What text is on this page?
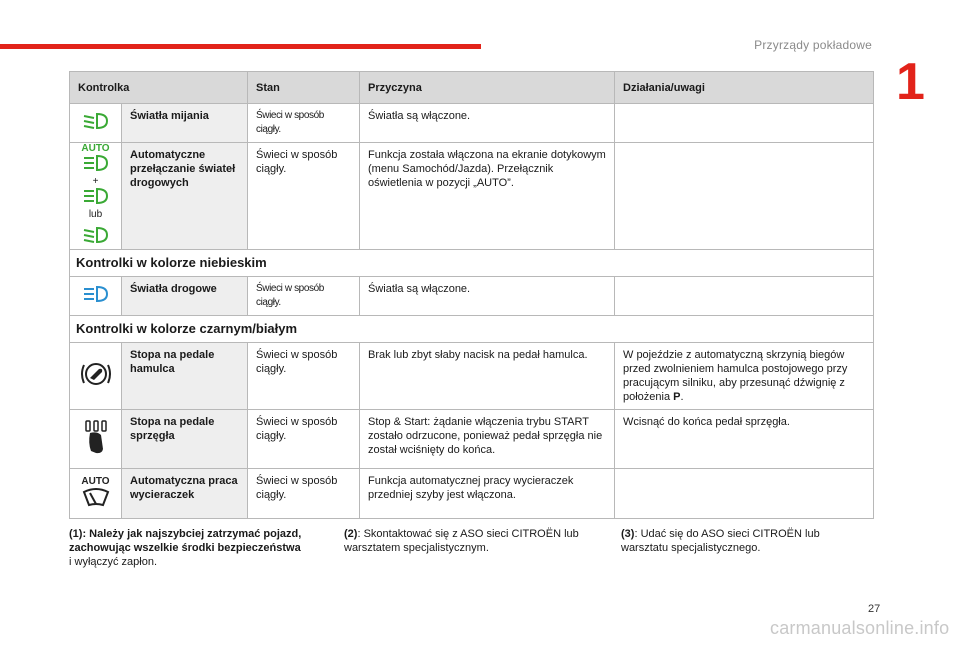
Przyrządy pokładowe
1
Kontrolka		Stan	Przyczyna	Działania/uwagi

	Światła mijania	Świeci w sposób ciągły.	Światła są włączone.	

AUTO
+
lub	Automatyczne przełączanie świateł drogowych	Świeci w sposób ciągły.	Funkcja została włączona na ekranie dotykowym (menu Samochód/Jazda). Przełącznik oświetlenia w pozycji „AUTO”.	
Kontrolki w kolorze niebieskim				

	Światła drogowe	Świeci w sposób ciągły.	Światła są włączone.	
Kontrolki w kolorze czarnym/białym				

	Stopa na pedale hamulca	Świeci w sposób ciągły.	Brak lub zbyt słaby nacisk na pedał hamulca.	W pojeździe z automatyczną skrzynią biegów przed zwolnieniem hamulca postojowego przy pracującym silniku, aby przesunąć dźwignię z położenia P.

	Stopa na pedale sprzęgła	Świeci w sposób ciągły.	Stop & Start: żądanie włączenia trybu START zostało odrzucone, ponieważ pedał sprzęgła nie został wciśnięty do końca.	Wcisnąć do końca pedał sprzęgła.

AUTO	Automatyczna praca wycieraczek	Świeci w sposób ciągły.	Funkcja automatycznej pracy wycieraczek przedniej szyby jest włączona.	
(1): Należy jak najszybciej zatrzymać pojazd, zachowując wszelkie środki bezpieczeństwa i wyłączyć zapłon.
(2): Skontaktować się z ASO sieci CITROËN lub warsztatem specjalistycznym.
(3): Udać się do ASO sieci CITROËN lub warsztatu specjalistycznego.
27
carmanualsonline.info
